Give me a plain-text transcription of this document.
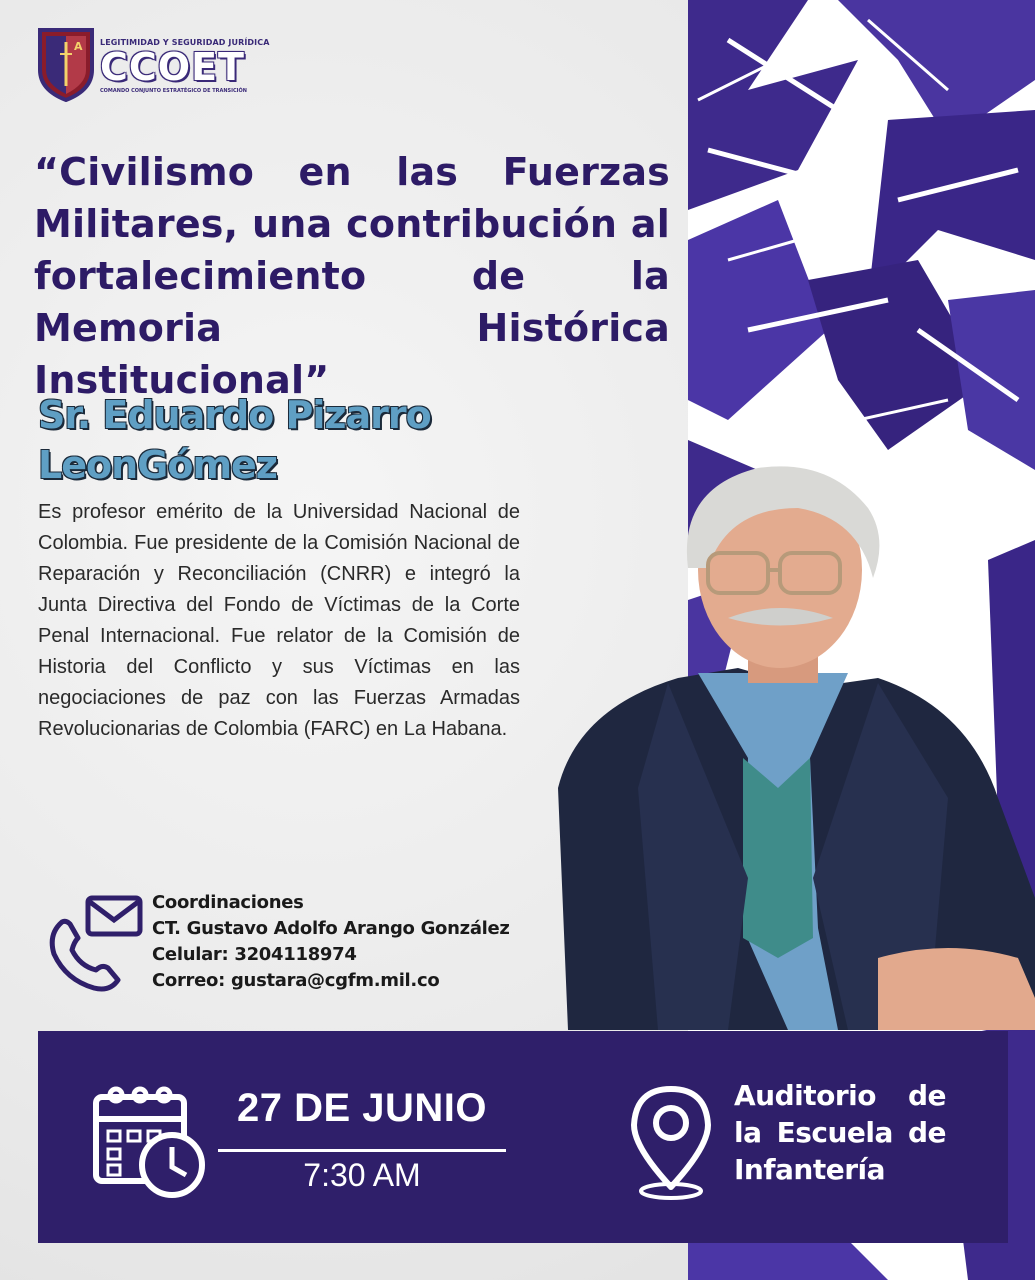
A LEGITIMIDAD Y SEGURIDAD JURÍDICA
CCOET
COMANDO CONJUNTO ESTRATÉGICO DE TRANSICIÓN
“Civilismo en las Fuerzas Militares, una contribución al fortalecimiento de la Memoria Histórica Institucional”
Sr. Eduardo Pizarro
LeonGómez

Es profesor emérito de la Universidad Nacional de Colombia. Fue presidente de la Comisión Nacional de Reparación y Reconciliación (CNRR) e integró la Junta Directiva del Fondo de Víctimas de la Corte Penal Internacional. Fue relator de la Comisión de Historia del Conflicto y sus Víctimas en las negociaciones de paz con las Fuerzas Armadas Revolucionarias de Colombia (FARC) en La Habana.

Coordinaciones
CT. Gustavo Adolfo Arango González
Celular: 3204118974
Correo: gustara@cgfm.mil.co
27 DE JUNIO
7:30 AM
Auditorio de la Escuela de Infantería
